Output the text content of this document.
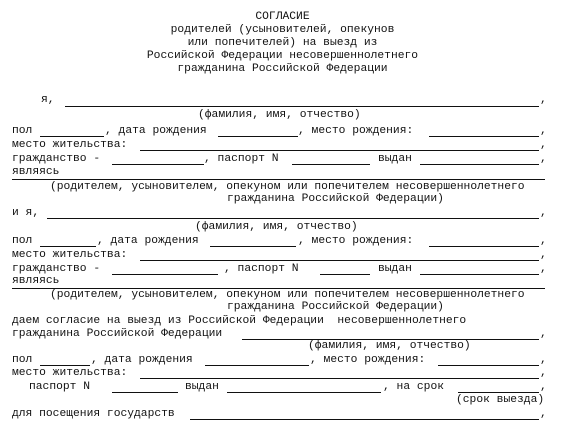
СОГЛАСИЕ
родителей (усыновителей, опекунов
или попечителей) на выезд из
Российской Федерации несовершеннолетнего
гражданина Российской Федерации
я,	,
(фамилия, имя, отчество)
пол	, дата рождения	, место рождения:	,
место жительства:	,
гражданство -	, паспорт N	выдан	,
являясь
(родителем, усыновителем, опекуном или попечителем несовершеннолетнего
гражданина Российской Федерации)
и я,	,
(фамилия, имя, отчество)
пол	, дата рождения	, место рождения:	,
место жительства:	,
гражданство -	, паспорт N	выдан	,
являясь
(родителем, усыновителем, опекуном или попечителем несовершеннолетнего
гражданина Российской Федерации)
даем согласие на выезд из Российской Федерации  несовершеннолетнего
гражданина Российской Федерации	,
(фамилия, имя, отчество)
пол	, дата рождения	, место рождения:	,
место жительства:	,
паспорт N	выдан	, на срок	,
(срок выезда)
для посещения государств	,
